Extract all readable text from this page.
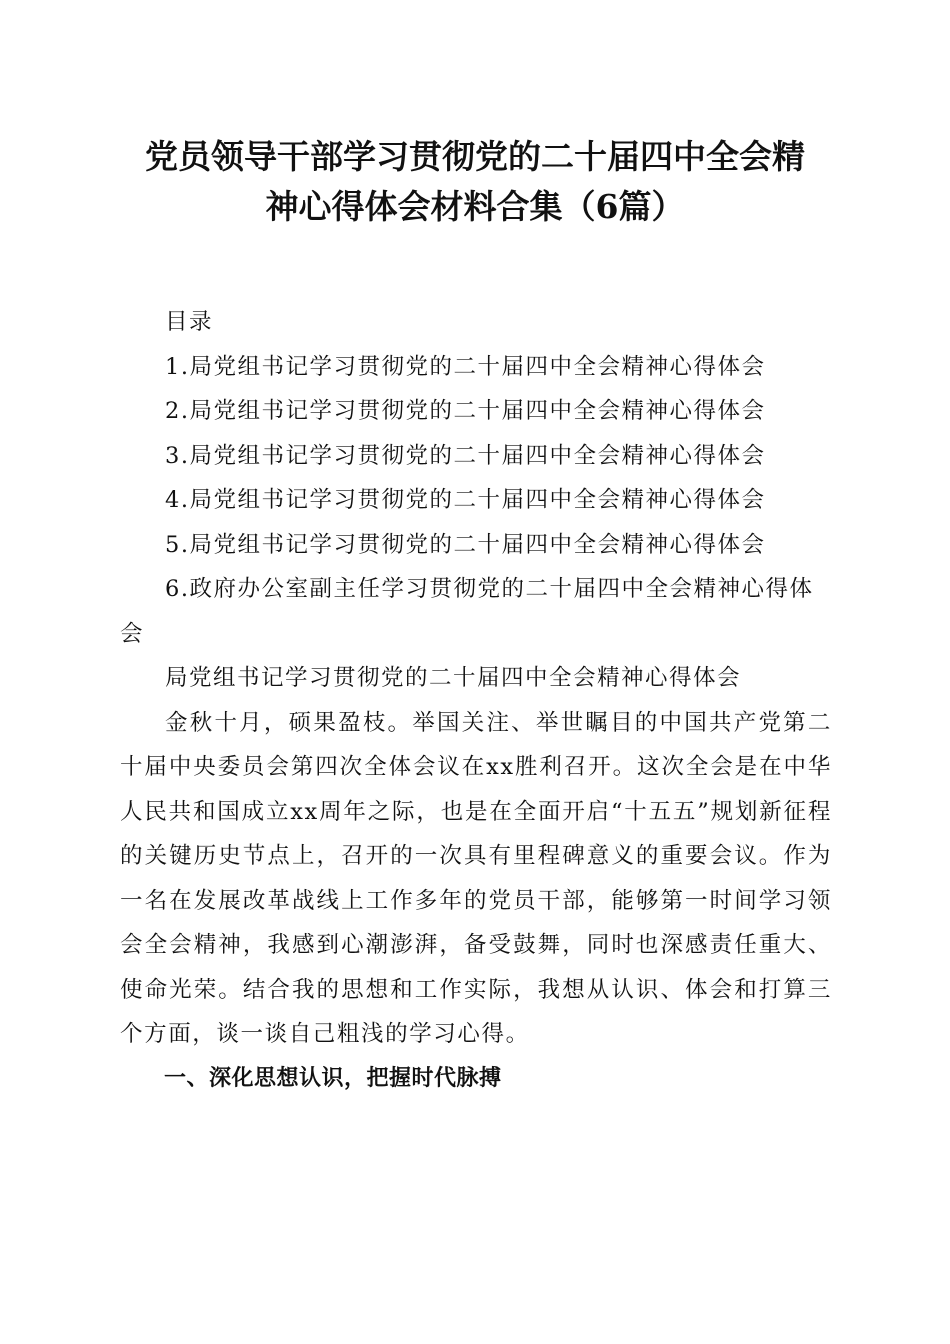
党员领导干部学习贯彻党的二十届四中全会精
神心得体会材料合集（6篇）

目录

1.局党组书记学习贯彻党的二十届四中全会精神心得体会

2.局党组书记学习贯彻党的二十届四中全会精神心得体会

3.局党组书记学习贯彻党的二十届四中全会精神心得体会

4.局党组书记学习贯彻党的二十届四中全会精神心得体会

5.局党组书记学习贯彻党的二十届四中全会精神心得体会

6.政府办公室副主任学习贯彻党的二十届四中全会精神心得体会

局党组书记学习贯彻党的二十届四中全会精神心得体会

金秋十月，硕果盈枝。举国关注、举世瞩目的中国共产党第二十届中央委员会第四次全体会议在xx胜利召开。这次全会是在中华人民共和国成立xx周年之际，也是在全面开启“十五五”规划新征程的关键历史节点上，召开的一次具有里程碑意义的重要会议。作为一名在发展改革战线上工作多年的党员干部，能够第一时间学习领会全会精神，我感到心潮澎湃，备受鼓舞，同时也深感责任重大、使命光荣。结合我的思想和工作实际，我想从认识、体会和打算三个方面，谈一谈自己粗浅的学习心得。

一、深化思想认识，把握时代脉搏
